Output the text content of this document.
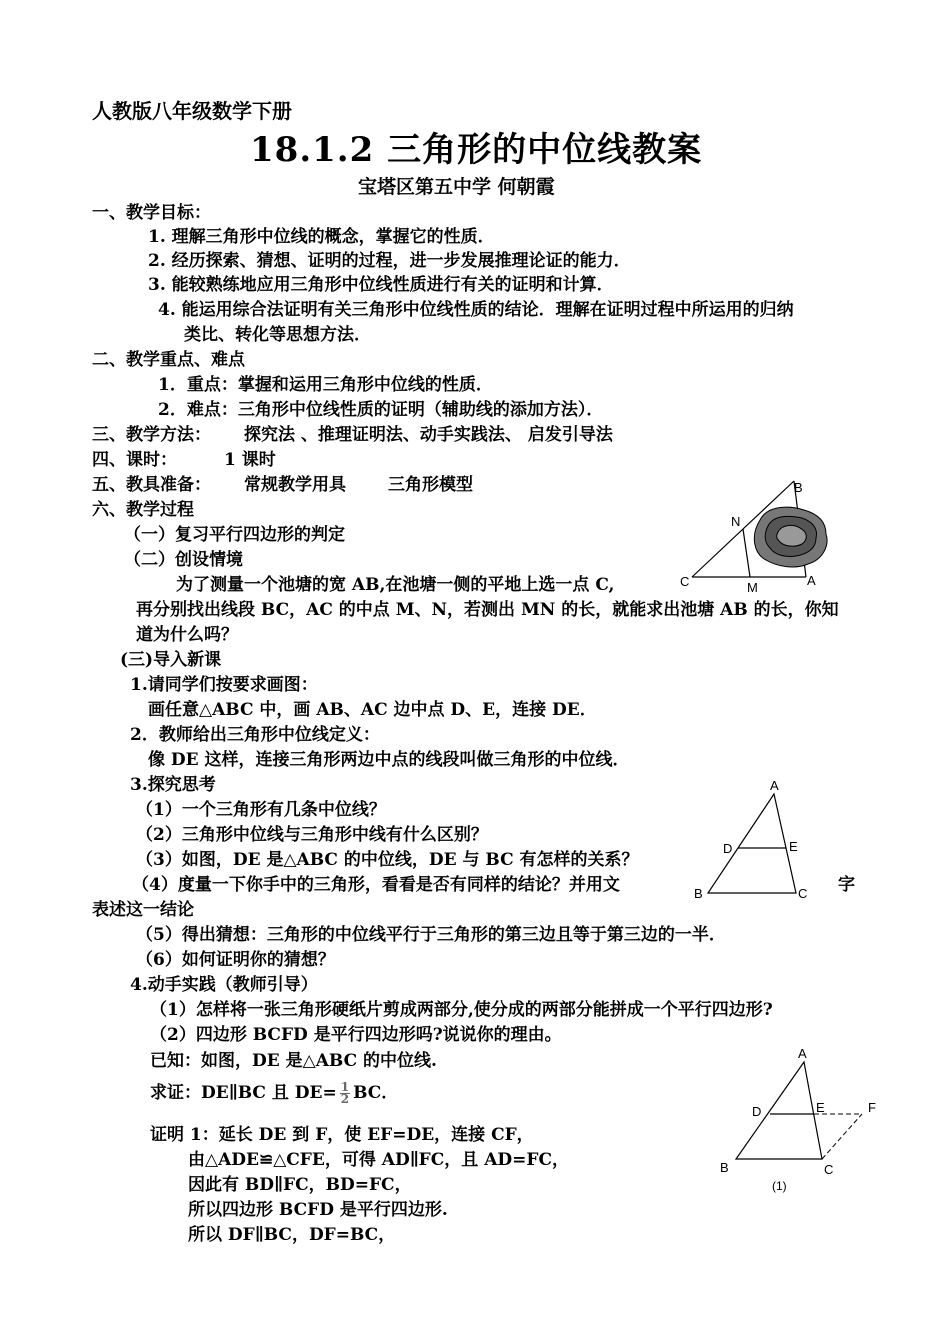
人教版八年级数学下册
18.1.2 三角形的中位线教案
宝塔区第五中学 何朝霞
一、教学目标：
1. 理解三角形中位线的概念，掌握它的性质．
2. 经历探索、猜想、证明的过程，进一步发展推理论证的能力．
3. 能较熟练地应用三角形中位线性质进行有关的证明和计算．
4. 能运用综合法证明有关三角形中位线性质的结论．理解在证明过程中所运用的归纳
类比、转化等思想方法．
二、教学重点、难点
1．重点：掌握和运用三角形中位线的性质．
2．难点：三角形中位线性质的证明（辅助线的添加方法）．
三、教学方法： 探究法 、推理证明法、动手实践法、 启发引导法
四、课时：	1 课时
五、教具准备： 常规教学用具 三角形模型
六、教学过程
（一）复习平行四边形的判定
（二）创设情境
为了测量一个池塘的宽 AB,在池塘一侧的平地上选一点 C,
再分别找出线段 BC，AC 的中点 M、N，若测出 MN 的长，就能求出池塘 AB 的长，你知
道为什么吗？
(三)导入新课
1.请同学们按要求画图：
画任意△ABC 中，画 AB、AC 边中点 D、E，连接 DE．
2．教师给出三角形中位线定义：
像 DE 这样，连接三角形两边中点的线段叫做三角形的中位线．
3.探究思考
（1）一个三角形有几条中位线？
（2）三角形中位线与三角形中线有什么区别？
（3）如图，DE 是△ABC 的中位线，DE 与 BC 有怎样的关系？
（4）度量一下你手中的三角形，看看是否有同样的结论？并用文	字
表述这一结论
（5）得出猜想：三角形的中位线平行于三角形的第三边且等于第三边的一半．
（6）如何证明你的猜想？
4.动手实践（教师引导）
（1）怎样将一张三角形硬纸片剪成两部分,使分成的两部分能拼成一个平行四边形?
（2）四边形 BCFD 是平行四边形吗?说说你的理由。
已知：如图，DE 是△ABC 的中位线.
求证：DE∥BC 且 $DE= \frac{1}{2}$ BC．
证明 1：延长 DE 到 F，使 EF=DE，连接 CF，
由△ADE≌△CFE，可得 AD∥FC，且 AD=FC，
因此有 BD∥FC，BD=FC，
所以四边形 BCFD 是平行四边形.
所以 DF∥BC，DF=BC，
B
N
C	M	A
A
D	E
B	C
A
D	E	F
B	C
(1)
